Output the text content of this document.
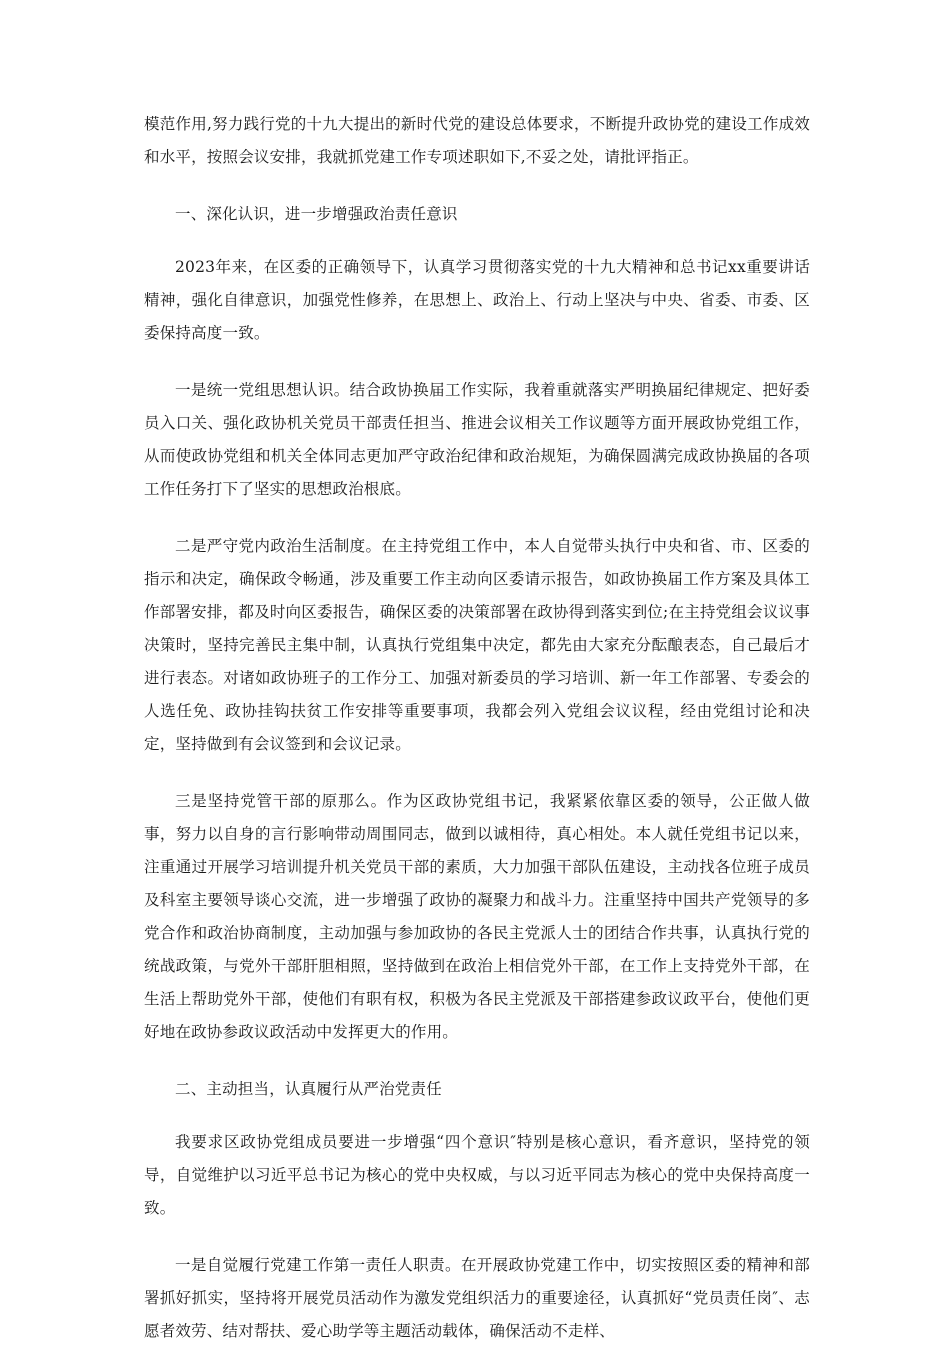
模范作用,努力践行党的十九大提出的新时代党的建设总体要求，不断提升政协党的建设工作成效和水平，按照会议安排，我就抓党建工作专项述职如下,不妥之处，请批评指正。

一、深化认识，进一步增强政治责任意识

2023年来，在区委的正确领导下，认真学习贯彻落实党的十九大精神和总书记xx重要讲话精神，强化自律意识，加强党性修养，在思想上、政治上、行动上坚决与中央、省委、市委、区委保持高度一致。

一是统一党组思想认识。结合政协换届工作实际，我着重就落实严明换届纪律规定、把好委员入口关、强化政协机关党员干部责任担当、推进会议相关工作议题等方面开展政协党组工作，从而使政协党组和机关全体同志更加严守政治纪律和政治规矩，为确保圆满完成政协换届的各项工作任务打下了坚实的思想政治根底。

二是严守党内政治生活制度。在主持党组工作中，本人自觉带头执行中央和省、市、区委的指示和决定，确保政令畅通，涉及重要工作主动向区委请示报告，如政协换届工作方案及具体工作部署安排，都及时向区委报告，确保区委的决策部署在政协得到落实到位;在主持党组会议议事决策时，坚持完善民主集中制，认真执行党组集中决定，都先由大家充分酝酿表态，自己最后才进行表态。对诸如政协班子的工作分工、加强对新委员的学习培训、新一年工作部署、专委会的人选任免、政协挂钩扶贫工作安排等重要事项，我都会列入党组会议议程，经由党组讨论和决定，坚持做到有会议签到和会议记录。

三是坚持党管干部的原那么。作为区政协党组书记，我紧紧依靠区委的领导，公正做人做事，努力以自身的言行影响带动周围同志，做到以诚相待，真心相处。本人就任党组书记以来，注重通过开展学习培训提升机关党员干部的素质，大力加强干部队伍建设，主动找各位班子成员及科室主要领导谈心交流，进一步增强了政协的凝聚力和战斗力。注重坚持中国共产党领导的多党合作和政治协商制度，主动加强与参加政协的各民主党派人士的团结合作共事，认真执行党的统战政策，与党外干部肝胆相照，坚持做到在政治上相信党外干部，在工作上支持党外干部，在生活上帮助党外干部，使他们有职有权，积极为各民主党派及干部搭建参政议政平台，使他们更好地在政协参政议政活动中发挥更大的作用。

二、主动担当，认真履行从严治党责任

我要求区政协党组成员要进一步增强“四个意识″特别是核心意识，看齐意识，坚持党的领导，自觉维护以习近平总书记为核心的党中央权威，与以习近平同志为核心的党中央保持高度一致。

一是自觉履行党建工作第一责任人职责。在开展政协党建工作中，切实按照区委的精神和部署抓好抓实，坚持将开展党员活动作为激发党组织活力的重要途径，认真抓好“党员责任岗″、志愿者效劳、结对帮扶、爱心助学等主题活动载体，确保活动不走样、
